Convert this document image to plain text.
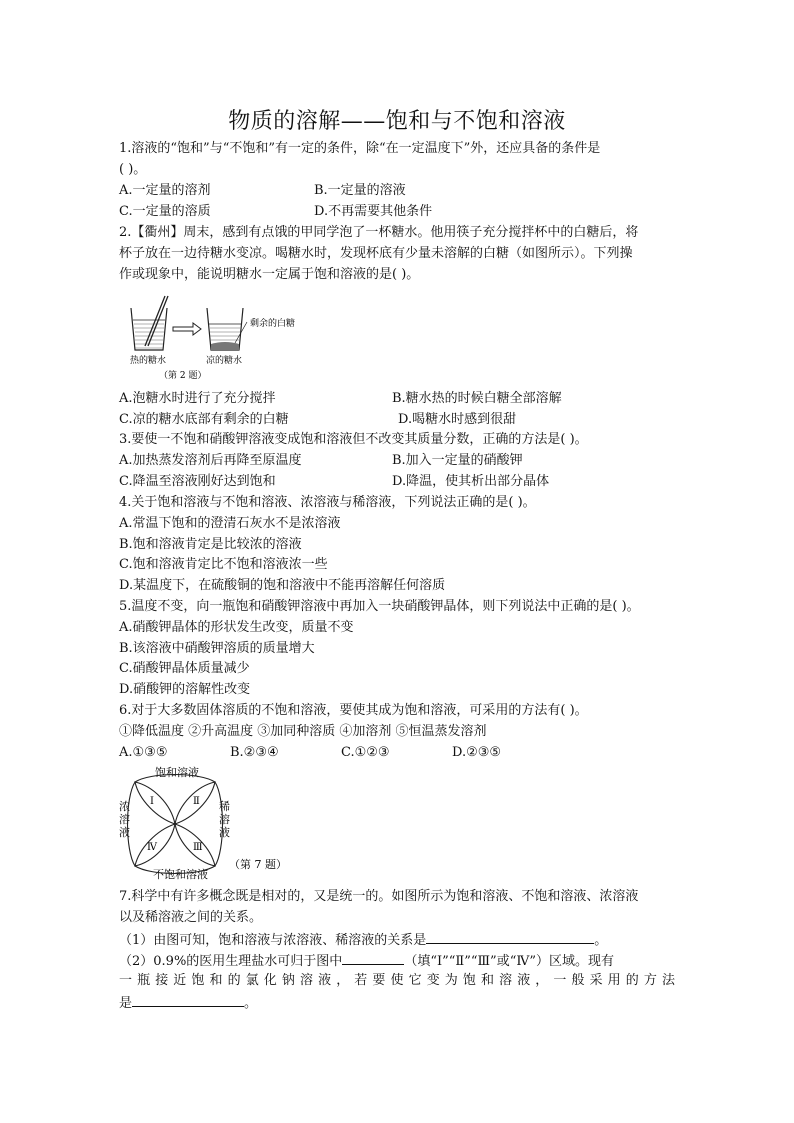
物质的溶解——饱和与不饱和溶液
1.溶液的“饱和”与“不饱和”有一定的条件，除“在一定温度下”外，还应具备的条件是
( )。
A.一定量的溶剂	B.一定量的溶液
C.一定量的溶质	D.不再需要其他条件
2.【衢州】周末，感到有点饿的甲同学泡了一杯糖水。他用筷子充分搅拌杯中的白糖后，将
杯子放在一边待糖水变凉。喝糖水时，发现杯底有少量未溶解的白糖（如图所示）。下列操
作或现象中，能说明糖水一定属于饱和溶液的是( )。
剩余的白糖
热的糖水	凉的糖水
（第 2 题）
A.泡糖水时进行了充分搅拌	B.糖水热的时候白糖全部溶解
C.凉的糖水底部有剩余的白糖	D.喝糖水时感到很甜
3.要使一不饱和硝酸钾溶液变成饱和溶液但不改变其质量分数，正确的方法是( )。
A.加热蒸发溶剂后再降至原温度	B.加入一定量的硝酸钾
C.降温至溶液刚好达到饱和	D.降温，使其析出部分晶体
4.关于饱和溶液与不饱和溶液、浓溶液与稀溶液，下列说法正确的是( )。
A.常温下饱和的澄清石灰水不是浓溶液
B.饱和溶液肯定是比较浓的溶液
C.饱和溶液肯定比不饱和溶液浓一些
D.某温度下，在硫酸铜的饱和溶液中不能再溶解任何溶质
5.温度不变，向一瓶饱和硝酸钾溶液中再加入一块硝酸钾晶体，则下列说法中正确的是( )。
A.硝酸钾晶体的形状发生改变，质量不变
B.该溶液中硝酸钾溶质的质量增大
C.硝酸钾晶体质量减少
D.硝酸钾的溶解性改变
6.对于大多数固体溶质的不饱和溶液，要使其成为饱和溶液，可采用的方法有( )。
①降低温度 ②升高温度 ③加同种溶质 ④加溶剂 ⑤恒温蒸发溶剂
A.①③⑤	B.②③④	C.①②③	D.②③⑤
饱和溶液
不饱和溶液
浓
溶
液
稀
溶
液
Ⅰ	Ⅱ
Ⅲ
Ⅳ
（第 7 题）
7.科学中有许多概念既是相对的，又是统一的。如图所示为饱和溶液、不饱和溶液、浓溶液
以及稀溶液之间的关系。
（1）由图可知，饱和溶液与浓溶液、稀溶液的关系是	。
（2）0.9%的医用生理盐水可归于图中	（填“Ⅰ”“Ⅱ”“Ⅲ”或“Ⅳ”）区域。现有
一瓶接近饱和的氯化钠溶液，若要使它变为饱和溶液，一般采用的方法
是	。
